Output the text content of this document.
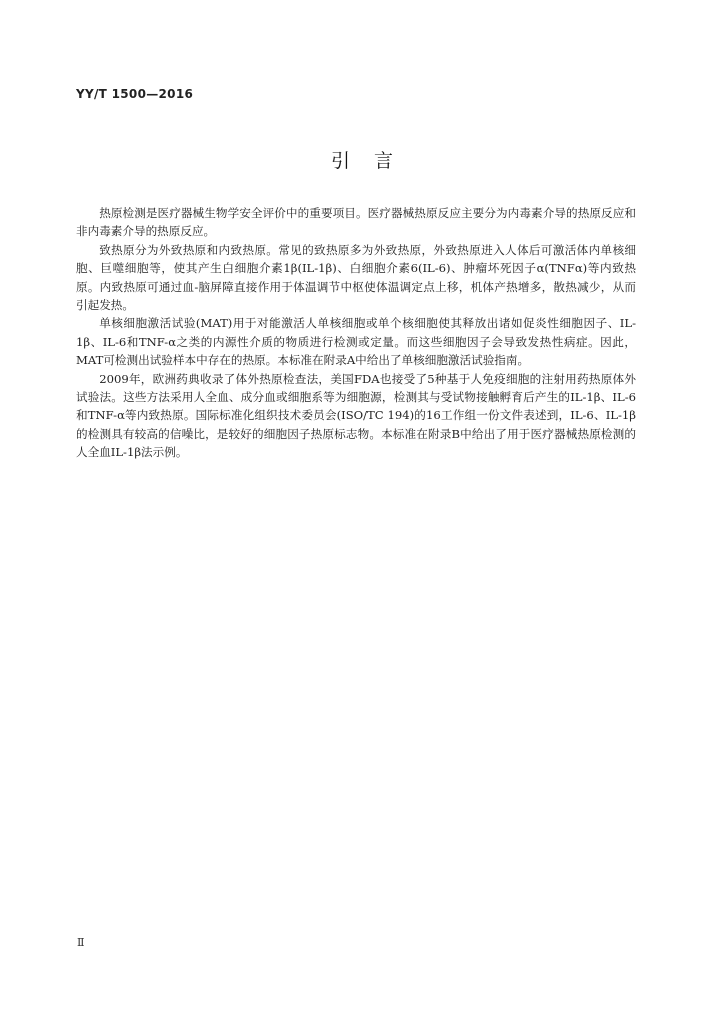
YY/T 1500—2016
引言

热原检测是医疗器械生物学安全评价中的重要项目。医疗器械热原反应主要分为内毒素介导的热原反应和非内毒素介导的热原反应。

致热原分为外致热原和内致热原。常见的致热原多为外致热原，外致热原进入人体后可激活体内单核细胞、巨噬细胞等，使其产生白细胞介素1β(IL-1β)、白细胞介素6(IL-6)、肿瘤坏死因子α(TNFα)等内致热原。内致热原可通过血-脑屏障直接作用于体温调节中枢使体温调定点上移，机体产热增多，散热减少，从而引起发热。

单核细胞激活试验(MAT)用于对能激活人单核细胞或单个核细胞使其释放出诸如促炎性细胞因子、IL-1β、IL-6和TNF-α之类的内源性介质的物质进行检测或定量。而这些细胞因子会导致发热性病症。因此，MAT可检测出试验样本中存在的热原。本标准在附录A中给出了单核细胞激活试验指南。

2009年，欧洲药典收录了体外热原检查法，美国FDA也接受了5种基于人免疫细胞的注射用药热原体外试验法。这些方法采用人全血、成分血或细胞系等为细胞源，检测其与受试物接触孵育后产生的IL-1β、IL-6和TNF-α等内致热原。国际标准化组织技术委员会(ISO/TC 194)的16工作组一份文件表述到，IL-6、IL-1β的检测具有较高的信噪比，是较好的细胞因子热原标志物。本标准在附录B中给出了用于医疗器械热原检测的人全血IL-1β法示例。

Ⅱ
